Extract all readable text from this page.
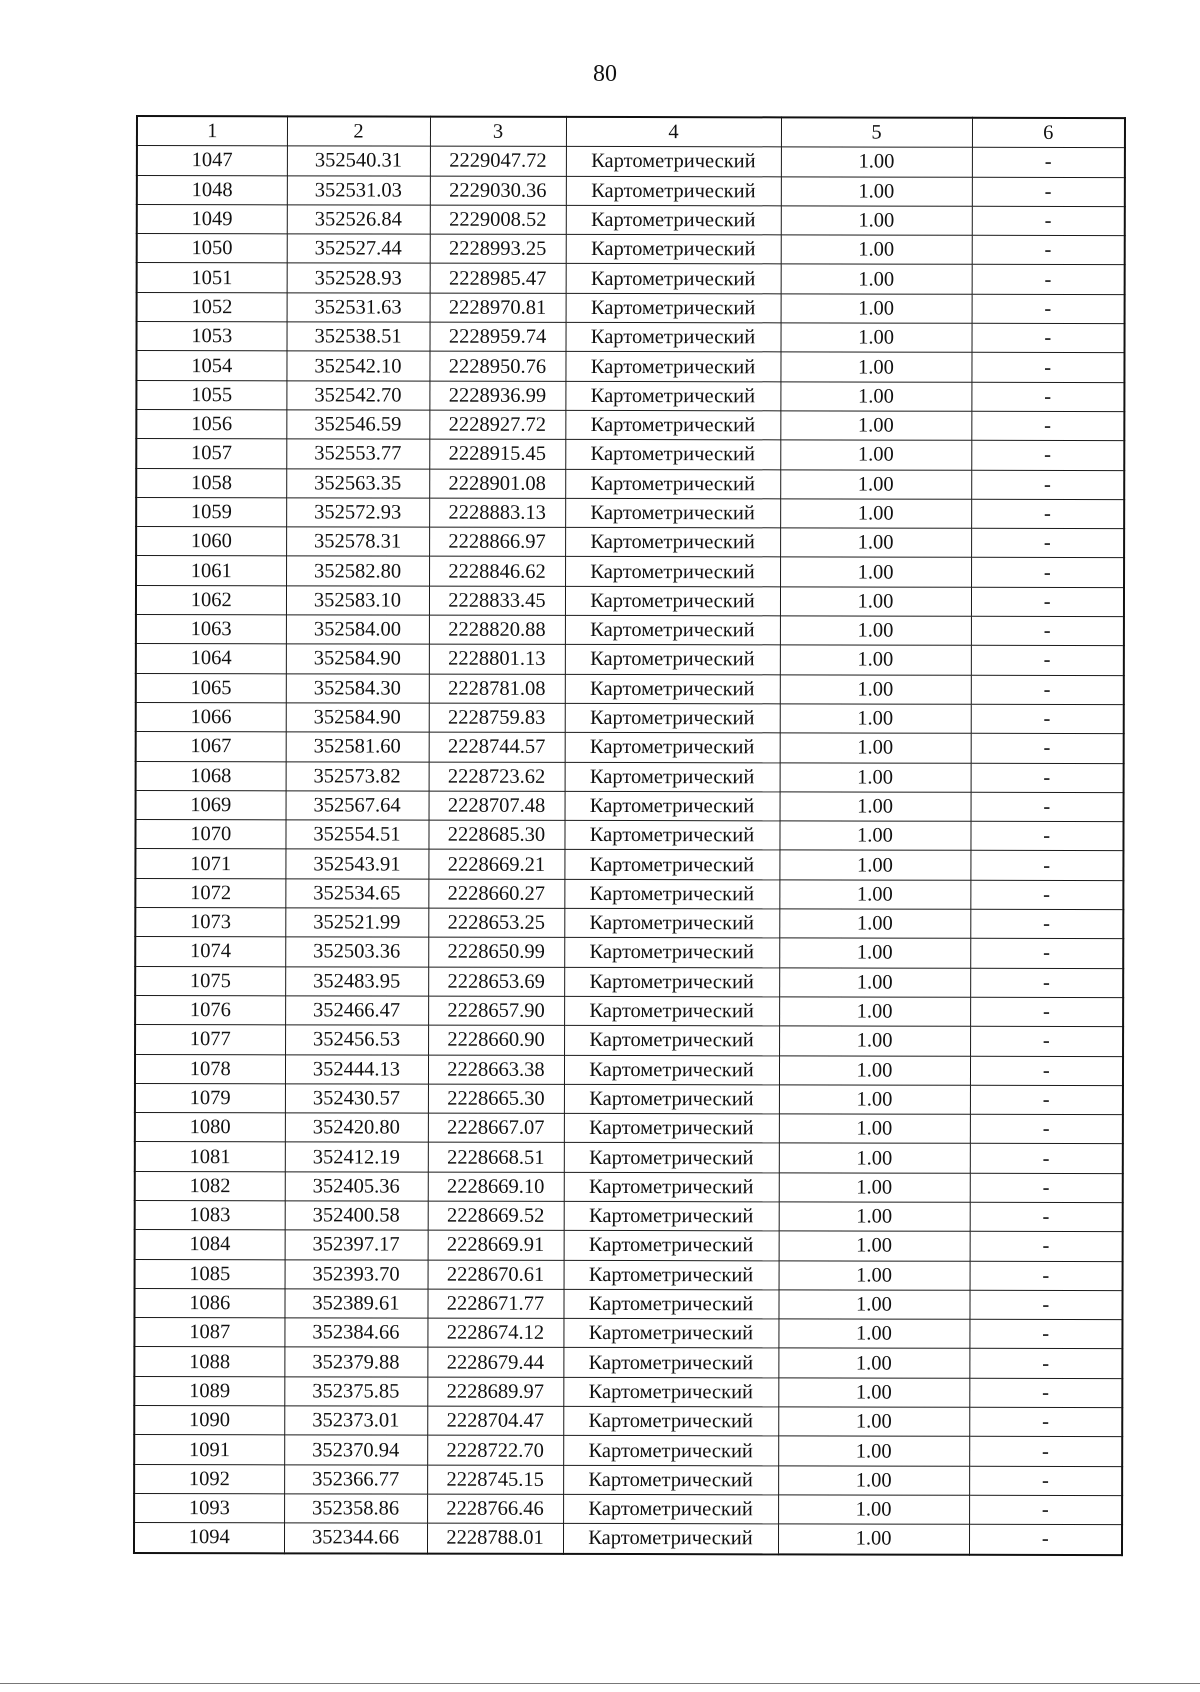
80
1	2	3	4	5	6
1047	352540.31	2229047.72	Картометрический	1.00	-
1048	352531.03	2229030.36	Картометрический	1.00	-
1049	352526.84	2229008.52	Картометрический	1.00	-
1050	352527.44	2228993.25	Картометрический	1.00	-
1051	352528.93	2228985.47	Картометрический	1.00	-
1052	352531.63	2228970.81	Картометрический	1.00	-
1053	352538.51	2228959.74	Картометрический	1.00	-
1054	352542.10	2228950.76	Картометрический	1.00	-
1055	352542.70	2228936.99	Картометрический	1.00	-
1056	352546.59	2228927.72	Картометрический	1.00	-
1057	352553.77	2228915.45	Картометрический	1.00	-
1058	352563.35	2228901.08	Картометрический	1.00	-
1059	352572.93	2228883.13	Картометрический	1.00	-
1060	352578.31	2228866.97	Картометрический	1.00	-
1061	352582.80	2228846.62	Картометрический	1.00	-
1062	352583.10	2228833.45	Картометрический	1.00	-
1063	352584.00	2228820.88	Картометрический	1.00	-
1064	352584.90	2228801.13	Картометрический	1.00	-
1065	352584.30	2228781.08	Картометрический	1.00	-
1066	352584.90	2228759.83	Картометрический	1.00	-
1067	352581.60	2228744.57	Картометрический	1.00	-
1068	352573.82	2228723.62	Картометрический	1.00	-
1069	352567.64	2228707.48	Картометрический	1.00	-
1070	352554.51	2228685.30	Картометрический	1.00	-
1071	352543.91	2228669.21	Картометрический	1.00	-
1072	352534.65	2228660.27	Картометрический	1.00	-
1073	352521.99	2228653.25	Картометрический	1.00	-
1074	352503.36	2228650.99	Картометрический	1.00	-
1075	352483.95	2228653.69	Картометрический	1.00	-
1076	352466.47	2228657.90	Картометрический	1.00	-
1077	352456.53	2228660.90	Картометрический	1.00	-
1078	352444.13	2228663.38	Картометрический	1.00	-
1079	352430.57	2228665.30	Картометрический	1.00	-
1080	352420.80	2228667.07	Картометрический	1.00	-
1081	352412.19	2228668.51	Картометрический	1.00	-
1082	352405.36	2228669.10	Картометрический	1.00	-
1083	352400.58	2228669.52	Картометрический	1.00	-
1084	352397.17	2228669.91	Картометрический	1.00	-
1085	352393.70	2228670.61	Картометрический	1.00	-
1086	352389.61	2228671.77	Картометрический	1.00	-
1087	352384.66	2228674.12	Картометрический	1.00	-
1088	352379.88	2228679.44	Картометрический	1.00	-
1089	352375.85	2228689.97	Картометрический	1.00	-
1090	352373.01	2228704.47	Картометрический	1.00	-
1091	352370.94	2228722.70	Картометрический	1.00	-
1092	352366.77	2228745.15	Картометрический	1.00	-
1093	352358.86	2228766.46	Картометрический	1.00	-
1094	352344.66	2228788.01	Картометрический	1.00	-
